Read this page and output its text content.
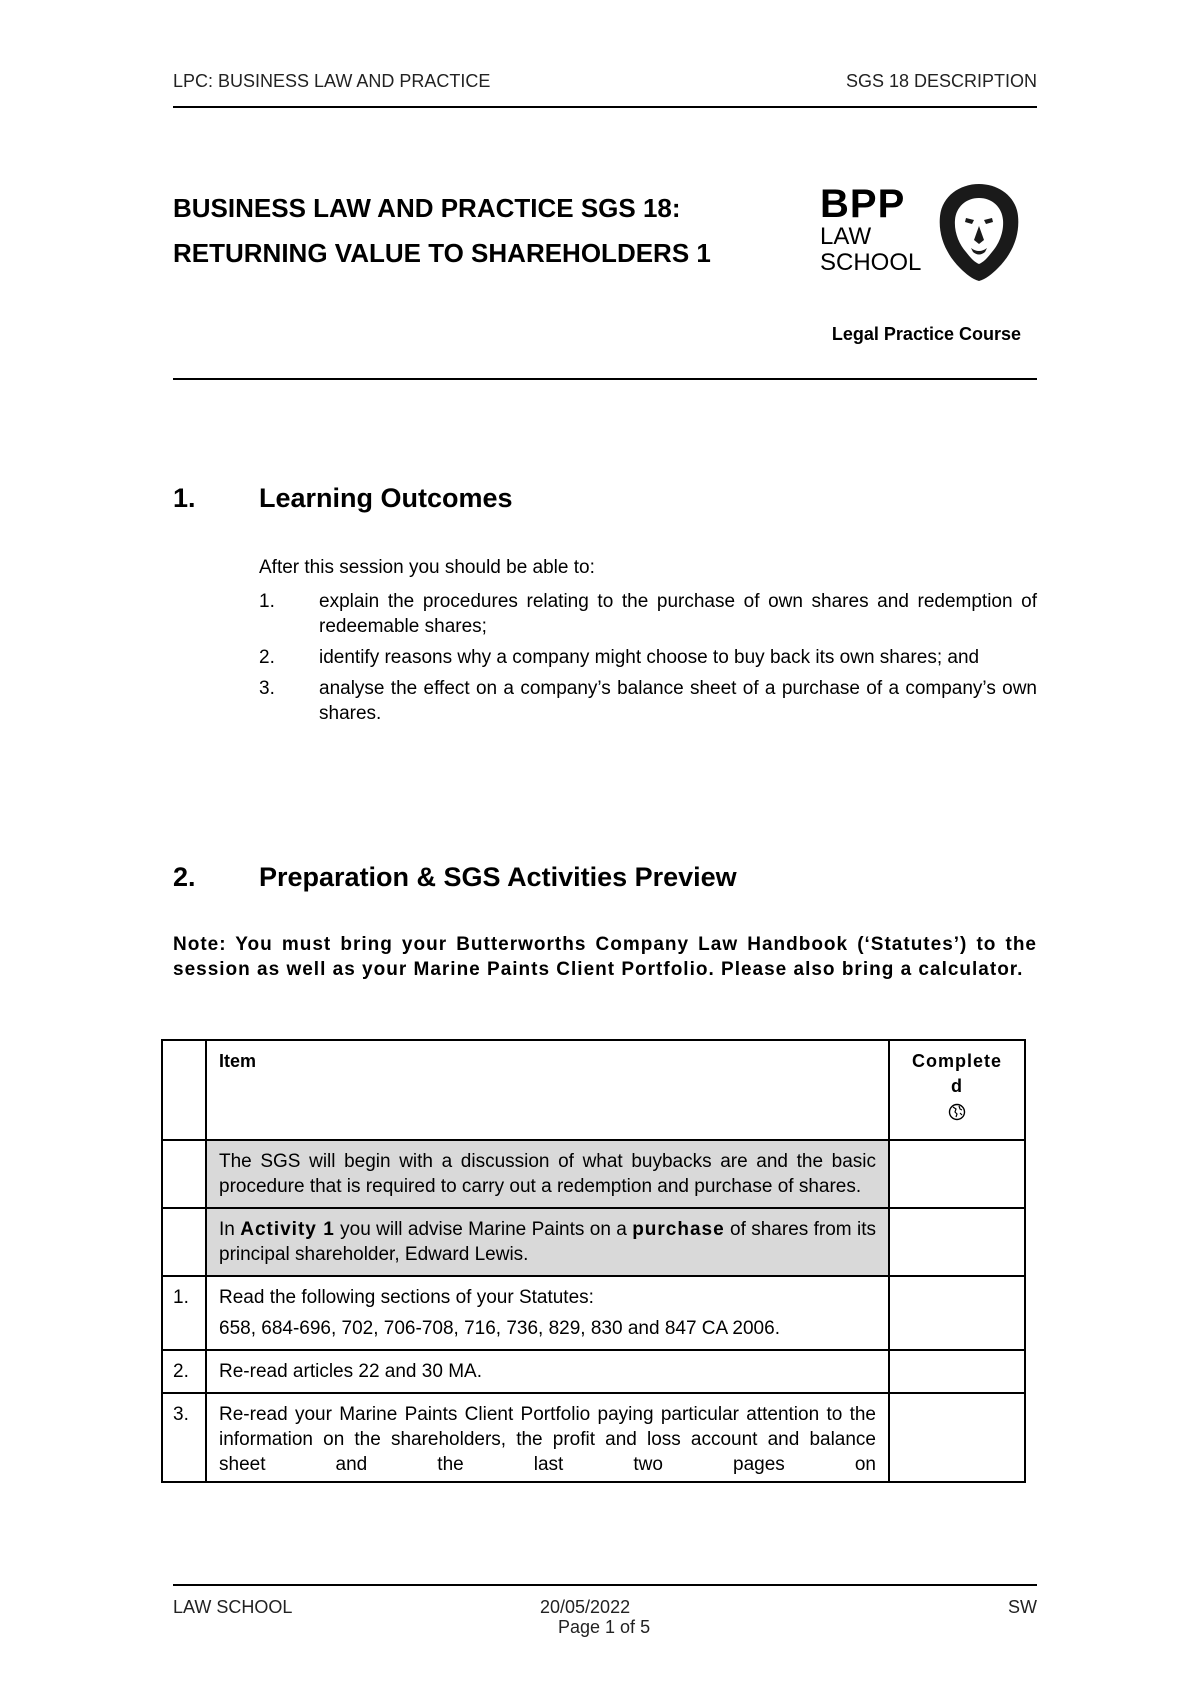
LPC: BUSINESS LAW AND PRACTICE	SGS 18 DESCRIPTION
BUSINESS LAW AND PRACTICE SGS 18:
RETURNING VALUE TO SHAREHOLDERS 1
BPP
LAW
SCHOOL
Legal Practice Course
1. Learning Outcomes
After this session you should be able to:
1. explain the procedures relating to the purchase of own shares and redemption of redeemable shares;
2. identify reasons why a company might choose to buy back its own shares; and
3. analyse the effect on a company’s balance sheet of a purchase of a company’s own shares.
2. Preparation & SGS Activities Preview
Note: You must bring your Butterworths Company Law Handbook (‘Statutes’) to the session as well as your Marine Paints Client Portfolio. Please also bring a calculator.
	Item	Complete
d

	The SGS will begin with a discussion of what buybacks are and the basic procedure that is required to carry out a redemption and purchase of shares.	

	In Activity 1 you will advise Marine Paints on a purchase of shares from its principal shareholder, Edward Lewis.	

1.	Read the following sections of your Statutes:
658, 684-696, 702, 706-708, 716, 736, 829, 830 and 847 CA 2006.	

2.	Re-read articles 22 and 30 MA.	

3.	Re-read your Marine Paints Client Portfolio paying particular attention to the information on the shareholders, the profit and loss account and balance sheet and the last two pages on	

LAW SCHOOL	20/05/2022	SW
Page 1 of 5
